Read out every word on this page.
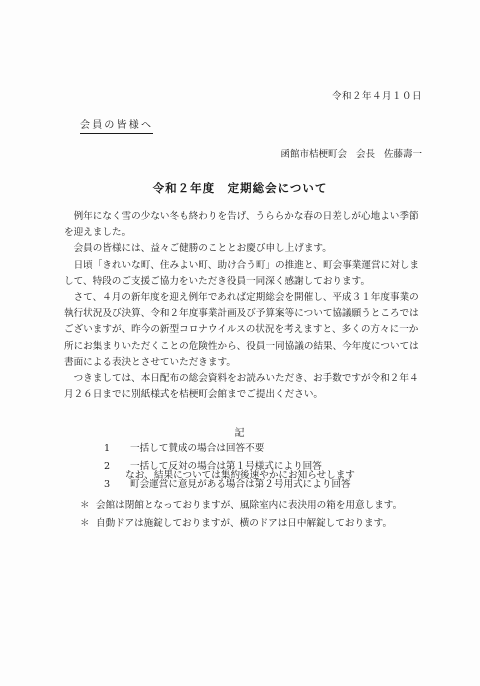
令和２年４月１０日
会員の皆様へ
函館市桔梗町会 会長 佐藤壽一
令和２年度　定期総会について

例年になく雪の少ない冬も終わりを告げ、うららかな春の日差しが心地よい季節を迎えました。

会員の皆様には、益々ご健勝のこととお慶び申し上げます。

日頃「きれいな町、住みよい町、助け合う町」の推進と、町会事業運営に対しまして、特段のご支援ご協力をいただき役員一同深く感謝しております。

さて、４月の新年度を迎え例年であれば定期総会を開催し、平成３１年度事業の執行状況及び決算、令和２年度事業計画及び予算案等について協議願うところではございますが、昨今の新型コロナウイルスの状況を考えますと、多くの方々に一か所にお集まりいただくことの危険性から、役員一同協議の結果、今年度については書面による表決とさせていただきます。

つきましては、本日配布の総会資料をお読みいただき、お手数ですが令和２年４月２６日までに別紙様式を桔梗町会館までご提出ください。

記
1 一括して賛成の場合は回答不要
2 一括して反対の場合は第１号様式により回答
3 町会運営に意見がある場合は第２号用式により回答
なお、結果については集約後速やかにお知らせします
＊ 会館は閉館となっておりますが、風除室内に表決用の箱を用意します。
＊ 自動ドアは施錠しておりますが、横のドアは日中解錠しております。
